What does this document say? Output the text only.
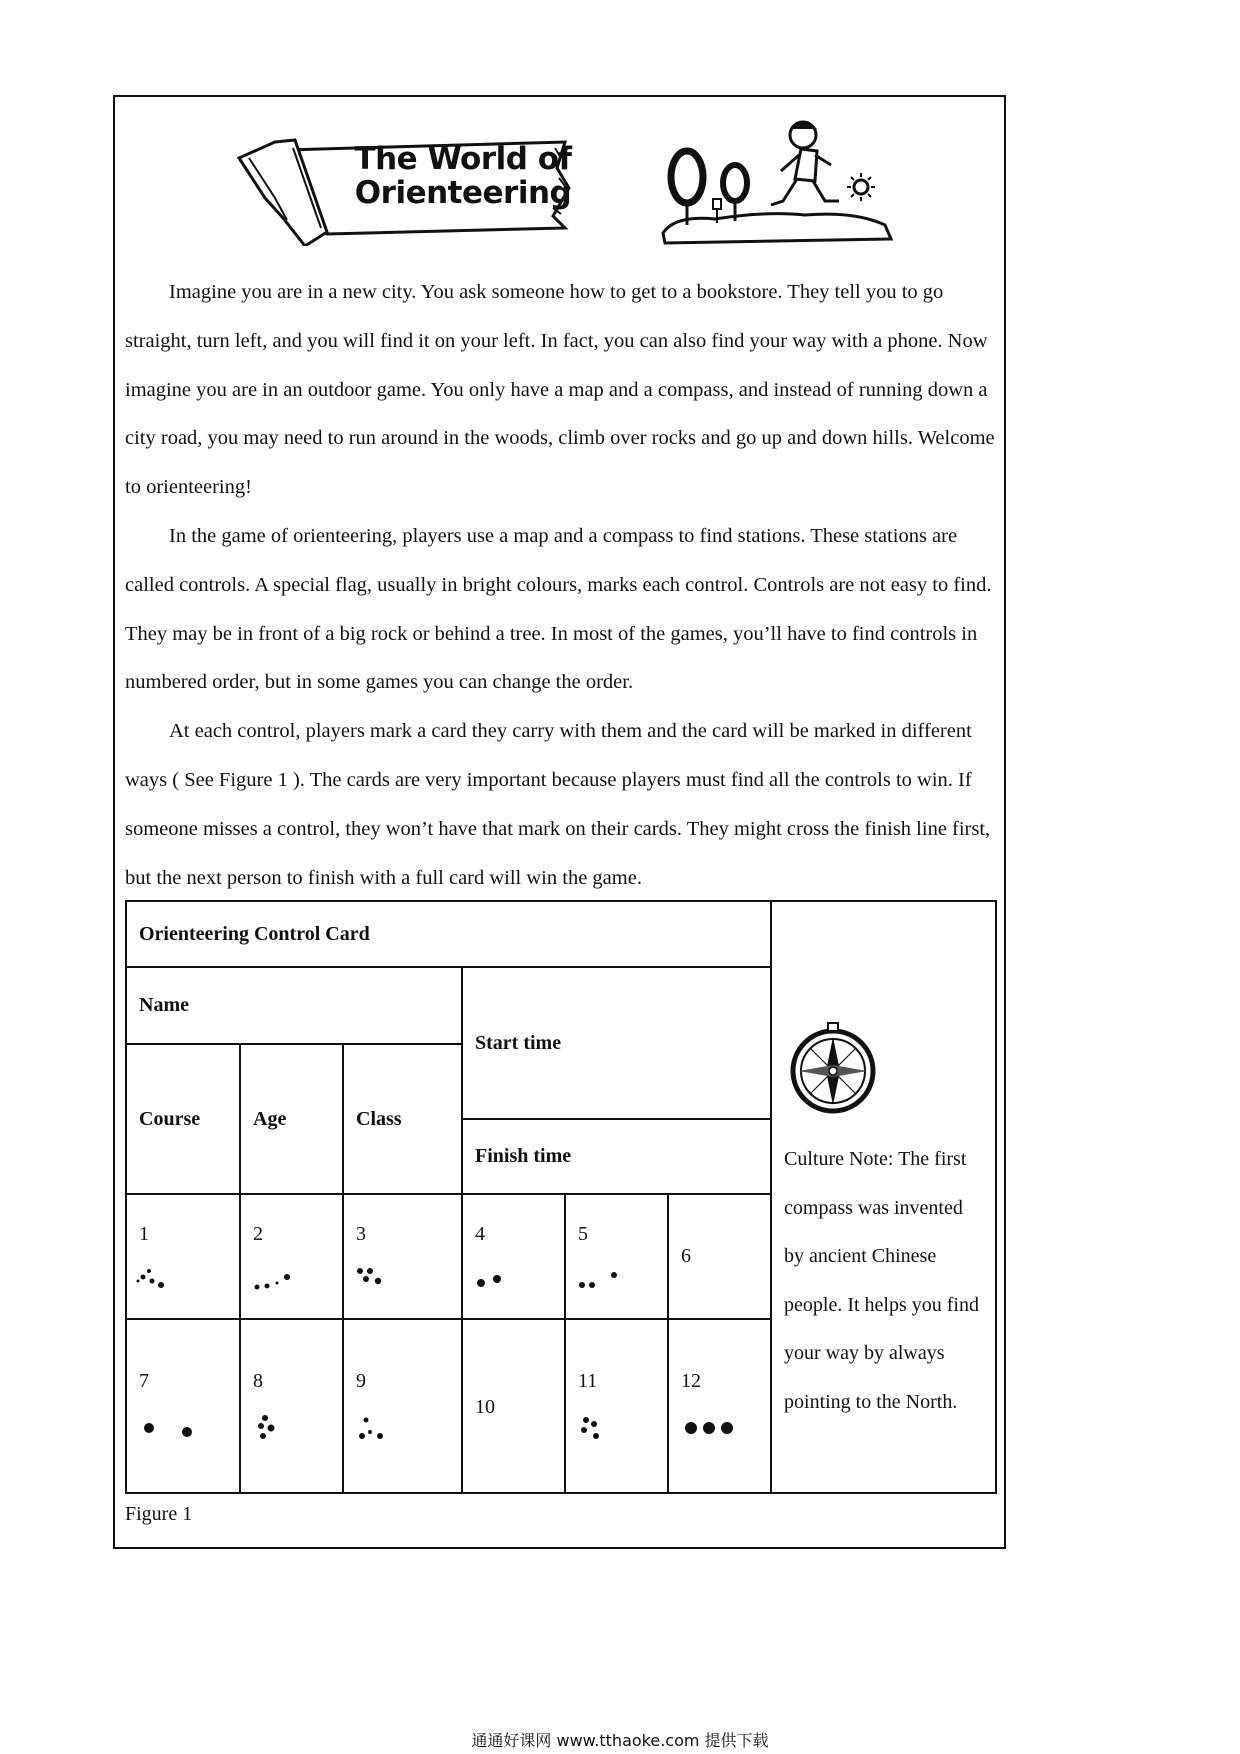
The World of Orienteering

Imagine you are in a new city. You ask someone how to get to a bookstore. They tell you to go straight, turn left, and you will find it on your left. In fact, you can also find your way with a phone. Now imagine you are in an outdoor game. You only have a map and a compass, and instead of running down a city road, you may need to run around in the woods, climb over rocks and go up and down hills. Welcome to orienteering!

In the game of orienteering, players use a map and a compass to find stations. These stations are called controls. A special flag, usually in bright colours, marks each control. Controls are not easy to find. They may be in front of a big rock or behind a tree. In most of the games, you’ll have to find controls in numbered order, but in some games you can change the order.

At each control, players mark a card they carry with them and the card will be marked in different ways ( See Figure 1 ). The cards are very important because players must find all the controls to win. If someone misses a control, they won’t have that mark on their cards. They might cross the finish line first, but the next person to finish with a full card will win the game.

Orienteering Control Card						Culture Note: The first compass was invented by ancient Chinese people. It helps you find your way by always pointing to the North.

Name			Start time			
Course	Age	Class				
			Finish time			

1	2	3	4	5	6	

7	8	9	10	11	12	
Figure 1
通通好课网 www.tthaoke.com 提供下载
